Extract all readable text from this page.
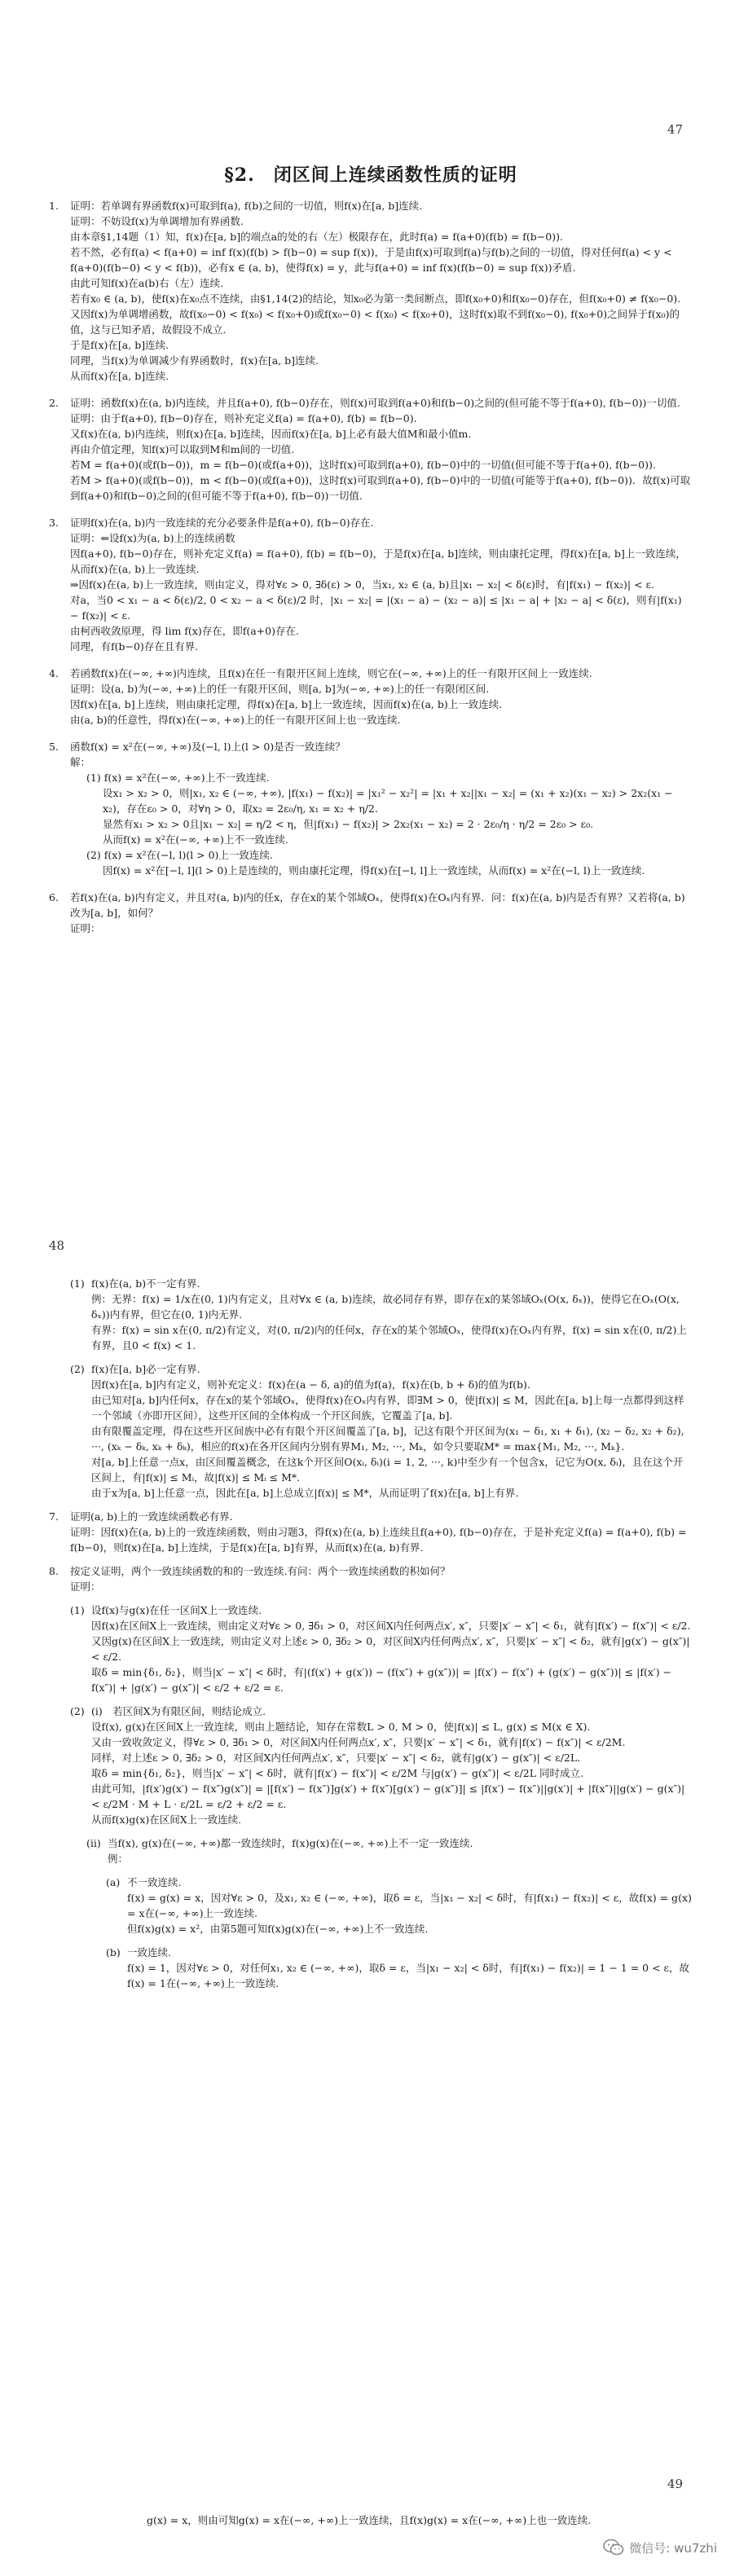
47
§2.　闭区间上连续函数性质的证明
1.	证明：若单调有界函数f(x)可取到f(a), f(b)之间的一切值，则f(x)在[a, b]连续.
证明：不妨设f(x)为单调增加有界函数.
由本章§1,14题（1）知，f(x)在[a, b]的端点a的处的右（左）极限存在，此时f(a) = f(a+0)(f(b) = f(b−0)).
若不然，必有f(a) < f(a+0) = inf f(x)(f(b) > f(b−0) = sup f(x))，于是由f(x)可取到f(a)与f(b)之间的一切值，得对任何f(a) < y < f(a+0)(f(b−0) < y < f(b))，必有x ∈ (a, b)，使得f(x) = y，此与f(a+0) = inf f(x)(f(b−0) = sup f(x))矛盾.
由此可知f(x)在a(b)右（左）连续.
若有x₀ ∈ (a, b)，使f(x)在x₀点不连续，由§1,14(2)的结论，知x₀必为第一类间断点，即f(x₀+0)和f(x₀−0)存在，但f(x₀+0) ≠ f(x₀−0).
又因f(x)为单调增函数，故f(x₀−0) < f(x₀) < f(x₀+0)或f(x₀−0) < f(x₀) < f(x₀+0)，这时f(x)取不到f(x₀−0), f(x₀+0)之间异于f(x₀)的值，这与已知矛盾，故假设不成立.
于是f(x)在[a, b]连续.
同理，当f(x)为单调减少有界函数时，f(x)在[a, b]连续.
从而f(x)在[a, b]连续.
2.	证明：函数f(x)在(a, b)内连续，并且f(a+0), f(b−0)存在，则f(x)可取到f(a+0)和f(b−0)之间的(但可能不等于f(a+0), f(b−0))一切值.
证明：由于f(a+0), f(b−0)存在，则补充定义f(a) = f(a+0), f(b) = f(b−0).
又f(x)在(a, b)内连续，则f(x)在[a, b]连续，因而f(x)在[a, b]上必有最大值M和最小值m.
再由介值定理，知f(x)可以取到M和m间的一切值.
若M = f(a+0)(或f(b−0))，m = f(b−0)(或f(a+0))，这时f(x)可取到f(a+0), f(b−0)中的一切值(但可能不等于f(a+0), f(b−0)).
若M > f(a+0)(或f(b−0))，m < f(b−0)(或f(a+0))，这时f(x)可取到f(a+0), f(b−0)中的一切值(可能等于f(a+0), f(b−0))．故f(x)可取到f(a+0)和f(b−0)之间的(但可能不等于f(a+0), f(b−0))一切值.
3.	证明f(x)在(a, b)内一致连续的充分必要条件是f(a+0), f(b−0)存在.
证明：⇐设f(x)为(a, b)上的连续函数
因f(a+0), f(b−0)存在，则补充定义f(a) = f(a+0), f(b) = f(b−0)，于是f(x)在[a, b]连续，则由康托定理，得f(x)在[a, b]上一致连续，从而f(x)在(a, b)上一致连续.
⇒因f(x)在(a, b)上一致连续，则由定义，得对∀ε > 0, ∃δ(ε) > 0，当x₁, x₂ ∈ (a, b)且|x₁ − x₂| < δ(ε)时，有|f(x₁) − f(x₂)| < ε.
对a，当0 < x₁ − a < δ(ε)/2, 0 < x₂ − a < δ(ε)/2 时，|x₁ − x₂| = |(x₁ − a) − (x₂ − a)| ≤ |x₁ − a| + |x₂ − a| < δ(ε)，则有|f(x₁) − f(x₂)| < ε.
由柯西收敛原理，得 lim f(x)存在，即f(a+0)存在.
同理，有f(b−0)存在且有界.
4.	若函数f(x)在(−∞, +∞)内连续，且f(x)在任一有限开区间上连续，则它在(−∞, +∞)上的任一有限开区间上一致连续.
证明：设(a, b)为(−∞, +∞)上的任一有限开区间，则[a, b]为(−∞, +∞)上的任一有限闭区间.
因f(x)在[a, b]上连续，则由康托定理，得f(x)在[a, b]上一致连续，因而f(x)在(a, b)上一致连续.
由(a, b)的任意性，得f(x)在(−∞, +∞)上的任一有限开区间上也一致连续.
5.	函数f(x) = x²在(−∞, +∞)及(−l, l)上(l > 0)是否一致连续？
解：
(1) f(x) = x²在(−∞, +∞)上不一致连续.
设x₁ > x₂ > 0，则|x₁, x₂ ∈ (−∞, +∞), |f(x₁) − f(x₂)| = |x₁² − x₂²| = |x₁ + x₂||x₁ − x₂| = (x₁ + x₂)(x₁ − x₂) > 2x₂(x₁ − x₂)，存在ε₀ > 0，对∀η > 0，取x₂ = 2ε₀/η, x₁ = x₂ + η/2.
显然有x₁ > x₂ > 0且|x₁ − x₂| = η/2 < η，但|f(x₁) − f(x₂)| > 2x₂(x₁ − x₂) = 2 · 2ε₀/η · η/2 = 2ε₀ > ε₀.
从而f(x) = x²在(−∞, +∞)上不一致连续.
(2) f(x) = x²在(−l, l)(l > 0)上一致连续.
因f(x) = x²在[−l, l](l > 0)上是连续的，则由康托定理，得f(x)在[−l, l]上一致连续，从而f(x) = x²在(−l, l)上一致连续.
6.	若f(x)在(a, b)内有定义，并且对(a, b)内的任x，存在x的某个邻域Oₓ，使得f(x)在Oₓ内有界．问：f(x)在(a, b)内是否有界？又若将(a, b)改为[a, b]，如何？
证明：
48
(1) f(x)在(a, b)不一定有界.
例：无界：f(x) = 1/x在(0, 1)内有定义，且对∀x ∈ (a, b)连续，故必同存有界，即存在x的某邻域Oₓ(O(x, δₓ))，使得它在Oₓ(O(x, δₓ))内有界，但它在(0, 1)内无界.
有界：f(x) = sin x在(0, π/2)有定义，对(0, π/2)内的任何x，存在x的某个邻域Oₓ，使得f(x)在Oₓ内有界，f(x) = sin x在(0, π/2)上有界，且0 < f(x) < 1.
(2) f(x)在[a, b]必一定有界.
因f(x)在[a, b]内有定义，则补充定义：f(x)在(a − δ, a)的值为f(a)，f(x)在(b, b + δ)的值为f(b).
由已知对[a, b]内任何x，存在x的某个邻域Oₓ，使得f(x)在Oₓ内有界，即∃M > 0，使|f(x)| ≤ M，因此在[a, b]上每一点都得到这样一个邻域（亦即开区间），这些开区间的全体构成一个开区间族，它覆盖了[a, b].
由有限覆盖定理，得在这些开区间族中必有有限个开区间覆盖了[a, b]，记这有限个开区间为(x₁ − δ₁, x₁ + δ₁), (x₂ − δ₂, x₂ + δ₂), ···, (xₖ − δₖ, xₖ + δₖ)，相应的f(x)在各开区间内分别有界M₁, M₂, ···, Mₖ，如令只要取M* = max{M₁, M₂, ···, Mₖ}.
对[a, b]上任意一点x，由区间覆盖概念，在这k个开区间O(xᵢ, δᵢ)(i = 1, 2, ···, k)中至少有一个包含x，记它为O(x, δᵢ)，且在这个开区间上，有|f(x)| ≤ Mᵢ，故|f(x)| ≤ Mᵢ ≤ M*.
由于x为[a, b]上任意一点，因此在[a, b]上总成立|f(x)| ≤ M*，从而证明了f(x)在[a, b]上有界.
7.	证明(a, b)上的一致连续函数必有界.
证明：因f(x)在(a, b)上的一致连续函数，则由习题3，得f(x)在(a, b)上连续且f(a+0), f(b−0)存在，于是补充定义f(a) = f(a+0), f(b) = f(b−0)，则f(x)在[a, b]上连续，于是f(x)在[a, b]有界，从而f(x)在(a, b)有界.
8.	按定义证明，两个一致连续函数的和的一致连续.有问：两个一致连续函数的积如何？
证明：
(1) 设f(x)与g(x)在任一区间X上一致连续.
因f(x)在区间X上一致连续，则由定义对∀ε > 0, ∃δ₁ > 0，对区间X内任何两点x′, x″，只要|x′ − x″| < δ₁，就有|f(x′) − f(x″)| < ε/2.
又因g(x)在区间X上一致连续，则由定义对上述ε > 0, ∃δ₂ > 0，对区间X内任何两点x′, x″，只要|x′ − x″| < δ₂，就有|g(x′) − g(x″)| < ε/2.
取δ = min{δ₁, δ₂}，则当|x′ − x″| < δ时，有|(f(x′) + g(x′)) − (f(x″) + g(x″))| = |f(x′) − f(x″) + (g(x′) − g(x″))| ≤ |f(x′) − f(x″)| + |g(x′) − g(x″)| < ε/2 + ε/2 = ε.
(2) (i)　若区间X为有限区间，则结论成立.
设f(x), g(x)在区间X上一致连续，则由上题结论，知存在常数L > 0, M > 0，使|f(x)| ≤ L, g(x) ≤ M(x ∈ X).
又由一致收敛定义，得∀ε > 0, ∃δ₁ > 0，对区间X内任何两点x′, x″，只要|x′ − x″| < δ₁，就有|f(x′) − f(x″)| < ε/2M.
同样，对上述ε > 0, ∃δ₂ > 0，对区间X内任何两点x′, x″，只要|x′ − x″| < δ₂，就有|g(x′) − g(x″)| < ε/2L.
取δ = min{δ₁, δ₂}，则当|x′ − x″| < δ时，就有|f(x′) − f(x″)| < ε/2M 与|g(x′) − g(x″)| < ε/2L 同时成立.
由此可知，|f(x′)g(x′) − f(x″)g(x″)| = |[f(x′) − f(x″)]g(x′) + f(x″)[g(x′) − g(x″)]| ≤ |f(x′) − f(x″)||g(x′)| + |f(x″)||g(x′) − g(x″)| < ε/2M · M + L · ε/2L = ε/2 + ε/2 = ε.
从而f(x)g(x)在区间X上一致连续.
(ii) 当f(x), g(x)在(−∞, +∞)都一致连续时，f(x)g(x)在(−∞, +∞)上不一定一致连续.
例：
(a) 不一致连续.
f(x) = g(x) = x，因对∀ε > 0，及x₁, x₂ ∈ (−∞, +∞)，取δ = ε，当|x₁ − x₂| < δ时，有|f(x₁) − f(x₂)| < ε，故f(x) = g(x) = x在(−∞, +∞)上一致连续.
但f(x)g(x) = x²，由第5题可知f(x)g(x)在(−∞, +∞)上不一致连续.
(b) 一致连续.
f(x) = 1，因对∀ε > 0，对任何x₁, x₂ ∈ (−∞, +∞)，取δ = ε，当|x₁ − x₂| < δ时，有|f(x₁) − f(x₂)| = 1 − 1 = 0 < ε，故f(x) = 1在(−∞, +∞)上一致连续.
49
g(x) = x，则由可知g(x) = x在(−∞, +∞)上一致连续，且f(x)g(x) = x在(−∞, +∞)上也一致连续.
微信号: wu7zhi
